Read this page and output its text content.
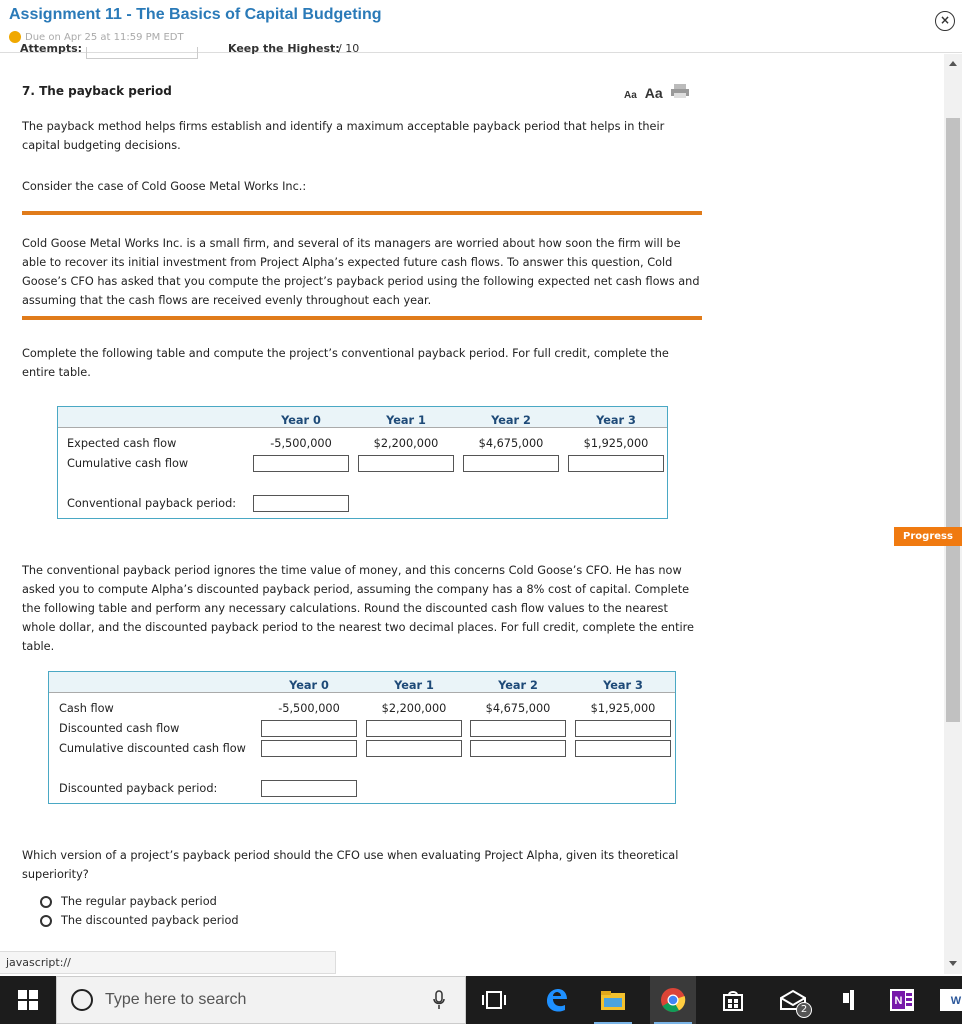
Assignment 11 - The Basics of Capital Budgeting
Due on Apr 25 at 11:59 PM EDT
×
Attempts:	Keep the Highest:
/ 10
7. The payback period	Aa Aa
The payback method helps firms establish and identify a maximum acceptable payback period that helps in their capital budgeting decisions.
Consider the case of Cold Goose Metal Works Inc.:
Cold Goose Metal Works Inc. is a small firm, and several of its managers are worried about how soon the firm will be able to recover its initial investment from Project Alpha’s expected future cash flows. To answer this question, Cold Goose’s CFO has asked that you compute the project’s payback period using the following expected net cash flows and assuming that the cash flows are received evenly throughout each year.
Complete the following table and compute the project’s conventional payback period. For full credit, complete the entire table.
Year 0	Year 1	Year 2	Year 3
Expected cash flow	-5,500,000	$2,200,000	$4,675,000	$1,925,000
Cumulative cash flow
Conventional payback period:
The conventional payback period ignores the time value of money, and this concerns Cold Goose’s CFO. He has now asked you to compute Alpha’s discounted payback period, assuming the company has a 8% cost of capital. Complete the following table and perform any necessary calculations. Round the discounted cash flow values to the nearest whole dollar, and the discounted payback period to the nearest two decimal places. For full credit, complete the entire table.
Year 0	Year 1	Year 2	Year 3
Cash flow	-5,500,000	$2,200,000	$4,675,000	$1,925,000
Discounted cash flow
Cumulative discounted cash flow
Discounted payback period:
Which version of a project’s payback period should the CFO use when evaluating Project Alpha, given its theoretical superiority?
The regular payback period
The discounted payback period
Progress
javascript://
2
N	W
Type here to search
